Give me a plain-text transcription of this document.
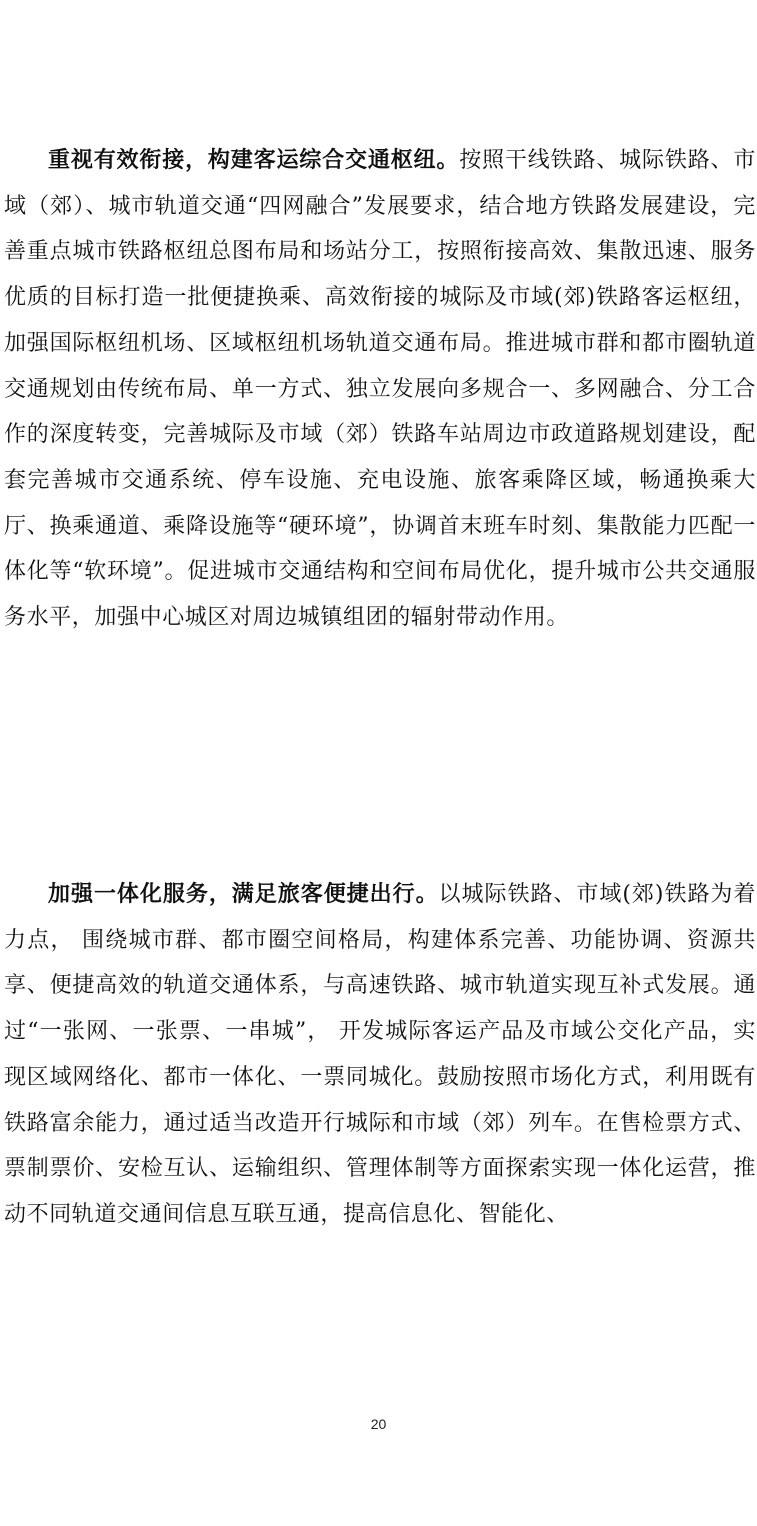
重视有效衔接，构建客运综合交通枢纽。按照干线铁路、城际铁路、市域（郊）、城市轨道交通“四网融合”发展要求，结合地方铁路发展建设，完善重点城市铁路枢纽总图布局和场站分工，按照衔接高效、集散迅速、服务优质的目标打造一批便捷换乘、高效衔接的城际及市域(郊)铁路客运枢纽，加强国际枢纽机场、区域枢纽机场轨道交通布局。推进城市群和都市圈轨道交通规划由传统布局、单一方式、独立发展向多规合一、多网融合、分工合作的深度转变，完善城际及市域（郊）铁路车站周边市政道路规划建设，配套完善城市交通系统、停车设施、充电设施、旅客乘降区域，畅通换乘大厅、换乘通道、乘降设施等“硬环境”，协调首末班车时刻、集散能力匹配一体化等“软环境”。促进城市交通结构和空间布局优化，提升城市公共交通服务水平，加强中心城区对周边城镇组团的辐射带动作用。

加强一体化服务，满足旅客便捷出行。以城际铁路、市域(郊)铁路为着力点， 围绕城市群、都市圈空间格局，构建体系完善、功能协调、资源共享、便捷高效的轨道交通体系，与高速铁路、城市轨道实现互补式发展。通过“一张网、一张票、一串城”， 开发城际客运产品及市域公交化产品，实现区域网络化、都市一体化、一票同城化。鼓励按照市场化方式，利用既有铁路富余能力，通过适当改造开行城际和市域（郊）列车。在售检票方式、票制票价、安检互认、运输组织、管理体制等方面探索实现一体化运营，推动不同轨道交通间信息互联互通，提高信息化、智能化、

20
